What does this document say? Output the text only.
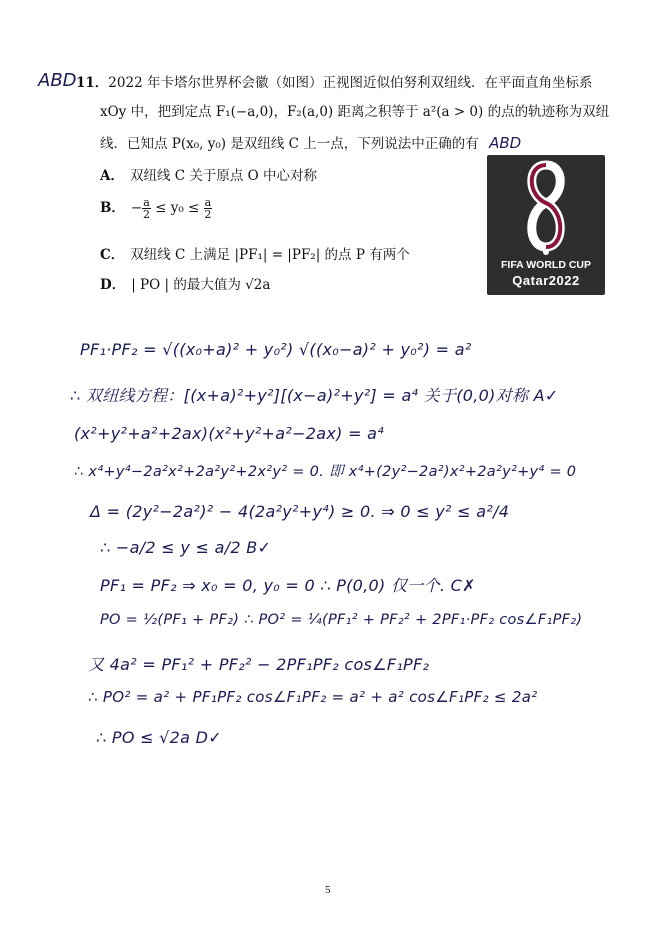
ABD 11．2022 年卡塔尔世界杯会徽（如图）正视图近似伯努利双纽线．在平面直角坐标系
xOy 中，把到定点 F₁(−a,0)，F₂(a,0) 距离之积等于 a²(a > 0) 的点的轨迹称为双纽
线．已知点 P(x₀, y₀) 是双纽线 C 上一点，下列说法中正确的有 ABD
A． 双纽线 C 关于原点 O 中心对称
B． − $\frac{a}{2} \le y_0 \le \frac{a}{2}$
C． 双纽线 C 上满足 |PF₁| = |PF₂| 的点 P 有两个
D． | PO | 的最大值为 √2a
FIFA WORLD CUP
Qatar2022
PF₁·PF₂ = √((x₀+a)² + y₀²) √((x₀−a)² + y₀²) = a²
∴ 双纽线方程：[(x+a)²+y²][(x−a)²+y²] = a⁴ 关于(0,0)对称 A✓
(x²+y²+a²+2ax)(x²+y²+a²−2ax) = a⁴
∴ x⁴+y⁴−2a²x²+2a²y²+2x²y² = 0. 即 x⁴+(2y²−2a²)x²+2a²y²+y⁴ = 0
Δ = (2y²−2a²)² − 4(2a²y²+y⁴) ≥ 0. ⇒ 0 ≤ y² ≤ a²/4
∴ −a/2 ≤ y ≤ a/2 B✓
PF₁ = PF₂ ⇒ x₀ = 0, y₀ = 0 ∴ P(0,0) 仅一个. C✗
PO = ½(PF₁ + PF₂) ∴ PO² = ¼(PF₁² + PF₂² + 2PF₁·PF₂ cos∠F₁PF₂)
又 4a² = PF₁² + PF₂² − 2PF₁PF₂ cos∠F₁PF₂
∴ PO² = a² + PF₁PF₂ cos∠F₁PF₂ = a² + a² cos∠F₁PF₂ ≤ 2a²
∴ PO ≤ √2a D✓
5
